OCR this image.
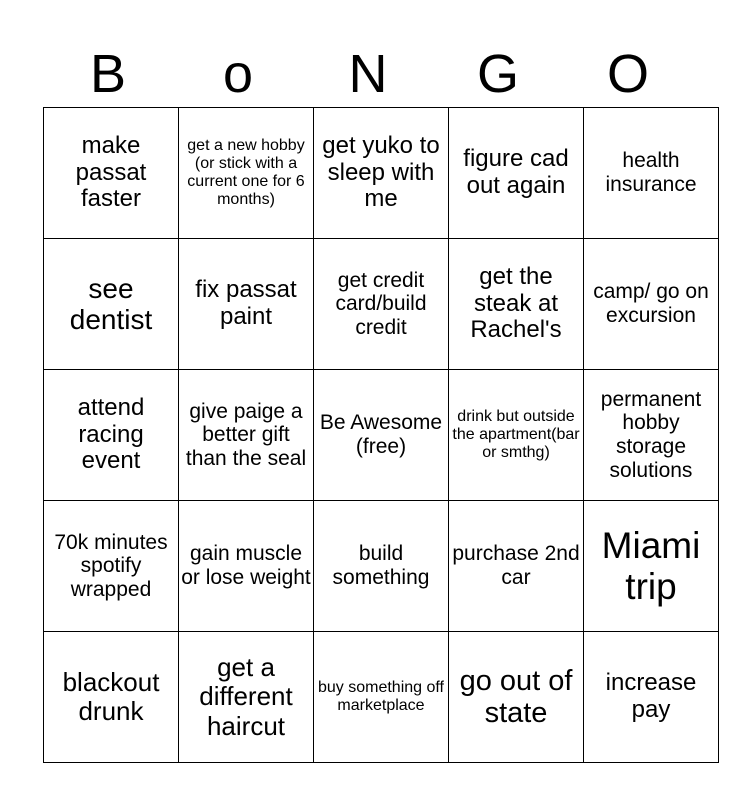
B	o	N	G	O
make passat faster	get a new hobby (or stick with a current one for 6 months)	get yuko to sleep with me	figure cad out again	health insurance
see dentist	fix passat paint	get credit card/build credit	get the steak at Rachel's	camp/ go on excursion
attend racing event	give paige a better gift than the seal	Be Awesome (free)	drink but outside the apartment(bar or smthg)	permanent hobby storage solutions
70k minutes spotify wrapped	gain muscle or lose weight	build something	purchase 2nd car	Miami trip
blackout drunk	get a different haircut	buy something off marketplace	go out of state	increase pay
